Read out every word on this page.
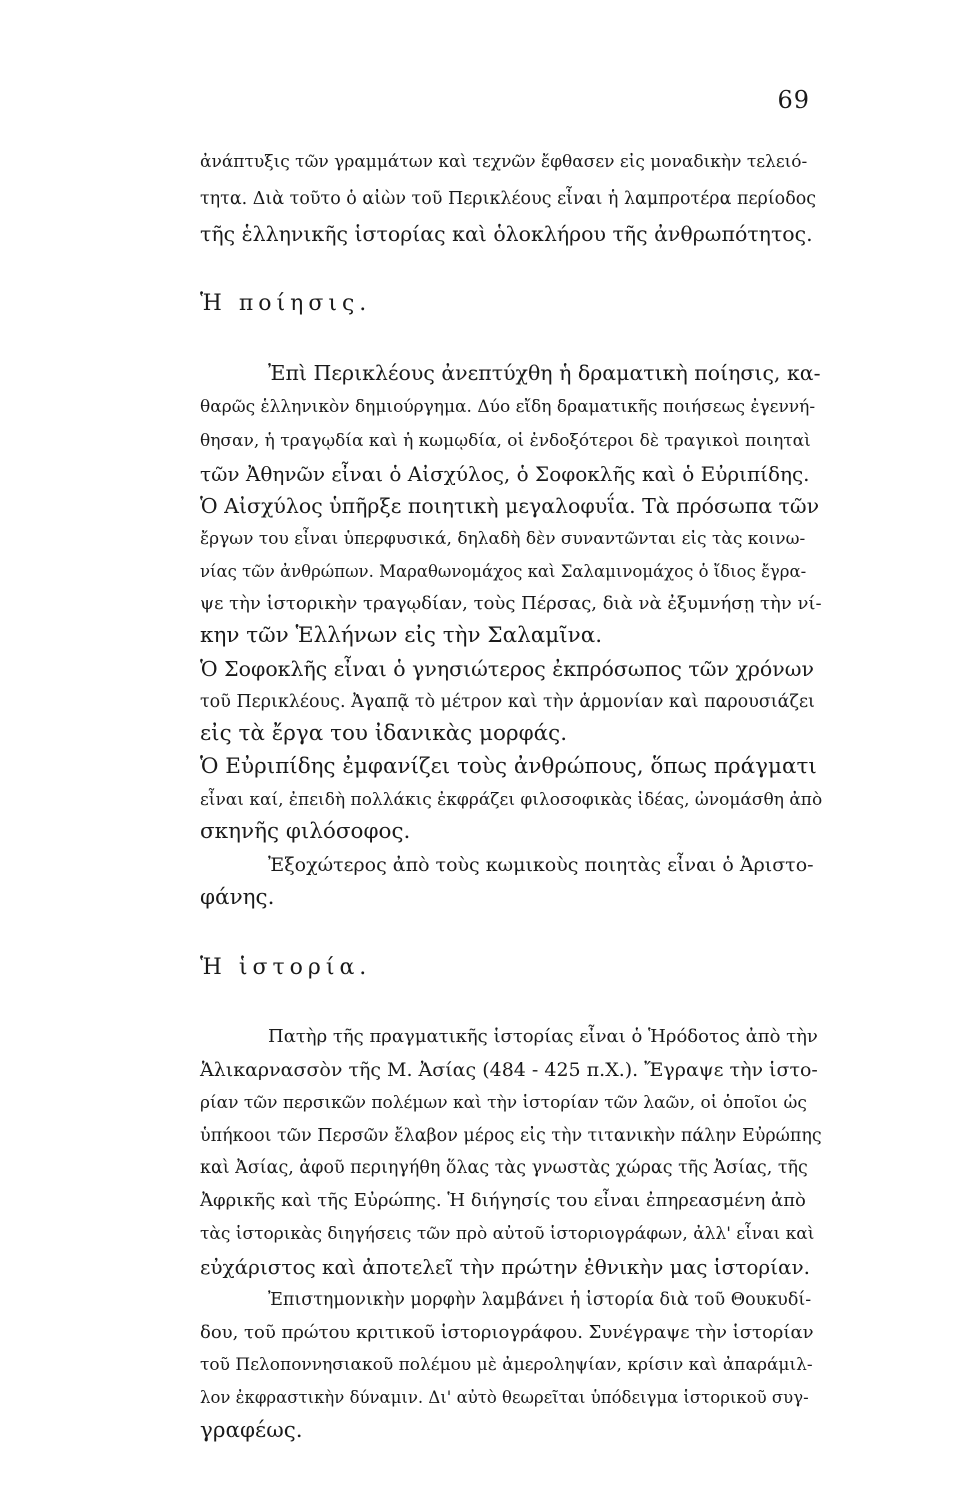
69
ἀνάπτυξις τῶν γραμμάτων καὶ τεχνῶν ἔφθασεν εἰς μοναδικὴν τελειό-
τητα. Διὰ τοῦτο ὁ αἰὼν τοῦ Περικλέους εἶναι ἡ λαμπροτέρα περίοδος
τῆς ἑλληνικῆς ἱστορίας καὶ ὁλοκλήρου τῆς ἀνθρωπότητος.
Ἡ ποίησις.
Ἐπὶ Περικλέους ἀνεπτύχθη ἡ δραματικὴ ποίησις, κα-
θαρῶς ἑλληνικὸν δημιούργημα. Δύο εἴδη δραματικῆς ποιήσεως ἐγεννή-
θησαν, ἡ τραγῳδία καὶ ἡ κωμῳδία, οἱ ἐνδοξότεροι δὲ τραγικοὶ ποιηταὶ
τῶν Ἀθηνῶν εἶναι ὁ Αἰσχύλος, ὁ Σοφοκλῆς καὶ ὁ Εὐριπίδης.
Ὁ Αἰσχύλος ὑπῆρξε ποιητικὴ μεγαλοφυΐα. Τὰ πρόσωπα τῶν
ἔργων του εἶναι ὑπερφυσικά, δηλαδὴ δὲν συναντῶνται εἰς τὰς κοινω-
νίας τῶν ἀνθρώπων. Μαραθωνομάχος καὶ Σαλαμινομάχος ὁ ἴδιος ἔγρα-
ψε τὴν ἱστορικὴν τραγῳδίαν, τοὺς Πέρσας, διὰ νὰ ἐξυμνήσῃ τὴν νί-
κην τῶν Ἑλλήνων εἰς τὴν Σαλαμῖνα.
Ὁ Σοφοκλῆς εἶναι ὁ γνησιώτερος ἐκπρόσωπος τῶν χρόνων
τοῦ Περικλέους. Ἀγαπᾷ τὸ μέτρον καὶ τὴν ἁρμονίαν καὶ παρουσιάζει
εἰς τὰ ἔργα του ἰδανικὰς μορφάς.
Ὁ Εὐριπίδης ἐμφανίζει τοὺς ἀνθρώπους, ὅπως πράγματι
εἶναι καί, ἐπειδὴ πολλάκις ἐκφράζει φιλοσοφικὰς ἰδέας, ὠνομάσθη ἀπὸ
σκηνῆς φιλόσοφος.
Ἐξοχώτερος ἀπὸ τοὺς κωμικοὺς ποιητὰς εἶναι ὁ Ἀριστο-
φάνης.
Ἡ ἱστορία.
Πατὴρ τῆς πραγματικῆς ἱστορίας εἶναι ὁ Ἡρόδοτος ἀπὸ τὴν
Ἁλικαρνασσὸν τῆς Μ. Ἀσίας (484 - 425 π.Χ.). Ἔγραψε τὴν ἱστο-
ρίαν τῶν περσικῶν πολέμων καὶ τὴν ἱστορίαν τῶν λαῶν, οἱ ὁποῖοι ὡς
ὑπήκοοι τῶν Περσῶν ἔλαβον μέρος εἰς τὴν τιτανικὴν πάλην Εὐρώπης
καὶ Ἀσίας, ἀφοῦ περιηγήθη ὅλας τὰς γνωστὰς χώρας τῆς Ἀσίας, τῆς
Ἀφρικῆς καὶ τῆς Εὐρώπης. Ἡ διήγησίς του εἶναι ἐπηρεασμένη ἀπὸ
τὰς ἱστορικὰς διηγήσεις τῶν πρὸ αὐτοῦ ἱστοριογράφων, ἀλλ' εἶναι καὶ
εὐχάριστος καὶ ἀποτελεῖ τὴν πρώτην ἐθνικὴν μας ἱστορίαν.
Ἐπιστημονικὴν μορφὴν λαμβάνει ἡ ἱστορία διὰ τοῦ Θουκυδί-
δου, τοῦ πρώτου κριτικοῦ ἱστοριογράφου. Συνέγραψε τὴν ἱστορίαν
τοῦ Πελοποννησιακοῦ πολέμου μὲ ἀμεροληψίαν, κρίσιν καὶ ἀπαράμιλ-
λον ἐκφραστικὴν δύναμιν. Δι' αὐτὸ θεωρεῖται ὑπόδειγμα ἱστορικοῦ συγ-
γραφέως.
